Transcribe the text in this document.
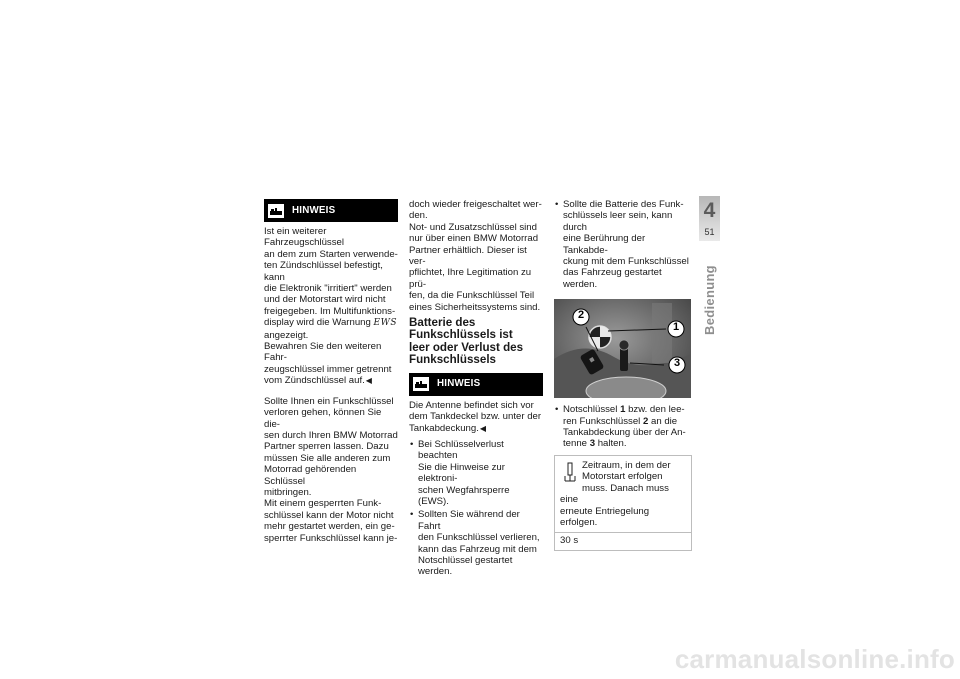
HINWEIS

Ist ein weiterer Fahrzeugschlüssel
an dem zum Starten verwende-
ten Zündschlüssel befestigt, kann
die Elektronik "irritiert" werden
und der Motorstart wird nicht
freigegeben. Im Multifunktions-
display wird die Warnung EWS
angezeigt.
Bewahren Sie den weiteren Fahr-
zeugschlüssel immer getrennt
vom Zündschlüssel auf.◀

Sollte Ihnen ein Funkschlüssel
verloren gehen, können Sie die-
sen durch Ihren BMW Motorrad
Partner sperren lassen. Dazu
müssen Sie alle anderen zum
Motorrad gehörenden Schlüssel
mitbringen.
Mit einem gesperrten Funk-
schlüssel kann der Motor nicht
mehr gestartet werden, ein ge-
sperrter Funkschlüssel kann je-

doch wieder freigeschaltet wer-
den.
Not- und Zusatzschlüssel sind
nur über einen BMW Motorrad
Partner erhältlich. Dieser ist ver-
pflichtet, Ihre Legitimation zu prü-
fen, da die Funkschlüssel Teil
eines Sicherheitssystems sind.

Batterie des
Funkschlüssels ist
leer oder Verlust des
Funkschlüssels
HINWEIS

Die Antenne befindet sich vor
dem Tankdeckel bzw. unter der
Tankabdeckung.◀

• Bei Schlüsselverlust beachten
Sie die Hinweise zur elektroni-
schen Wegfahrsperre (EWS).
• Sollten Sie während der Fahrt
den Funkschlüssel verlieren,
kann das Fahrzeug mit dem
Notschlüssel gestartet werden.
• Sollte die Batterie des Funk-
schlüssels leer sein, kann durch
eine Berührung der Tankabde-
ckung mit dem Funkschlüssel
das Fahrzeug gestartet werden.
2
1
3
• Notschlüssel 1 bzw. den lee-
ren Funkschlüssel 2 an die
Tankabdeckung über der An-
tenne 3 halten.
Zeitraum, in dem der
Motorstart erfolgen
muss. Danach muss eine
erneute Entriegelung erfolgen.
30 s
4
51
Bedienung
carmanualsonline.info
